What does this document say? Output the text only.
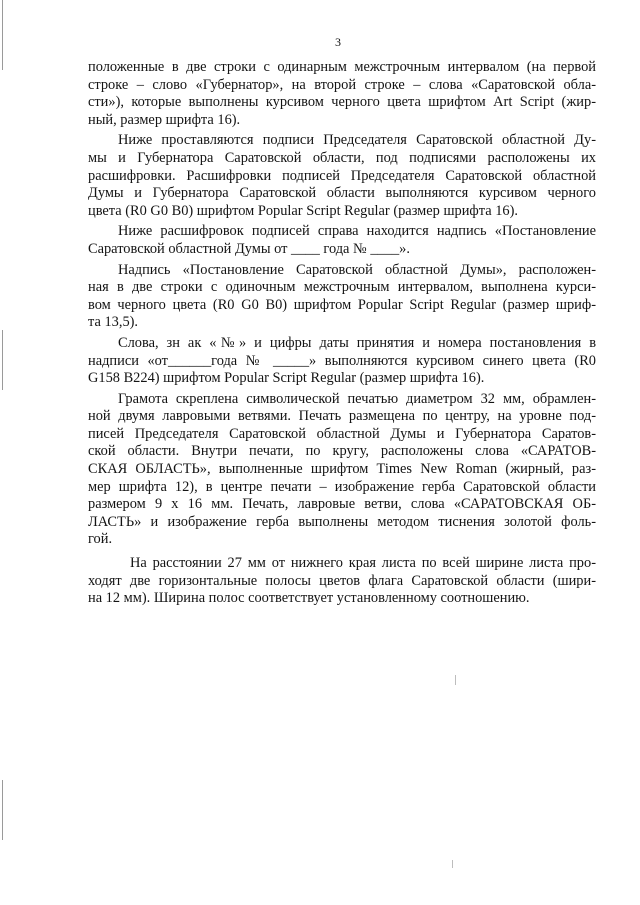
3

положенные в две строки с одинарным межстрочным интервалом (на первой
строке – слово «Губернатор», на второй строке – слова «Саратовской обла-
сти»), которые выполнены курсивом черного цвета шрифтом Art Script (жир-
ный, размер шрифта 16).

Ниже проставляются подписи Председателя Саратовской областной Ду-
мы и Губернатора Саратовской области, под подписями расположены их
расшифровки. Расшифровки подписей Председателя Саратовской областной
Думы и Губернатора Саратовской области выполняются курсивом черного
цвета (R0 G0 B0) шрифтом Popular Script Regular (размер шрифта 16).

Ниже расшифровок подписей справа находится надпись «Постановление
Саратовской областной Думы от ____ года № ____».

Надпись «Постановление Саратовской областной Думы», расположен-
ная в две строки с одиночным межстрочным интервалом, выполнена курси-
вом черного цвета (R0 G0 B0) шрифтом Popular Script Regular (размер шриф-
та 13,5).

Слова, зн ак «№» и цифры даты принятия и номера постановления в
надписи «от______года № _____» выполняются курсивом синего цвета (R0
G158 B224) шрифтом Popular Script Regular (размер шрифта 16).

Грамота скреплена символической печатью диаметром 32 мм, обрамлен-
ной двумя лавровыми ветвями. Печать размещена по центру, на уровне под-
писей Председателя Саратовской областной Думы и Губернатора Саратов-
ской области. Внутри печати, по кругу, расположены слова «САРАТОВ-
СКАЯ ОБЛАСТЬ», выполненные шрифтом Times New Roman (жирный, раз-
мер шрифта 12), в центре печати – изображение герба Саратовской области
размером 9 х 16 мм. Печать, лавровые ветви, слова «САРАТОВСКАЯ ОБ-
ЛАСТЬ» и изображение герба выполнены методом тиснения золотой фоль-
гой.

На расстоянии 27 мм от нижнего края листа по всей ширине листа про-
ходят две горизонтальные полосы цветов флага Саратовской области (шири-
на 12 мм). Ширина полос соответствует установленному соотношению.
